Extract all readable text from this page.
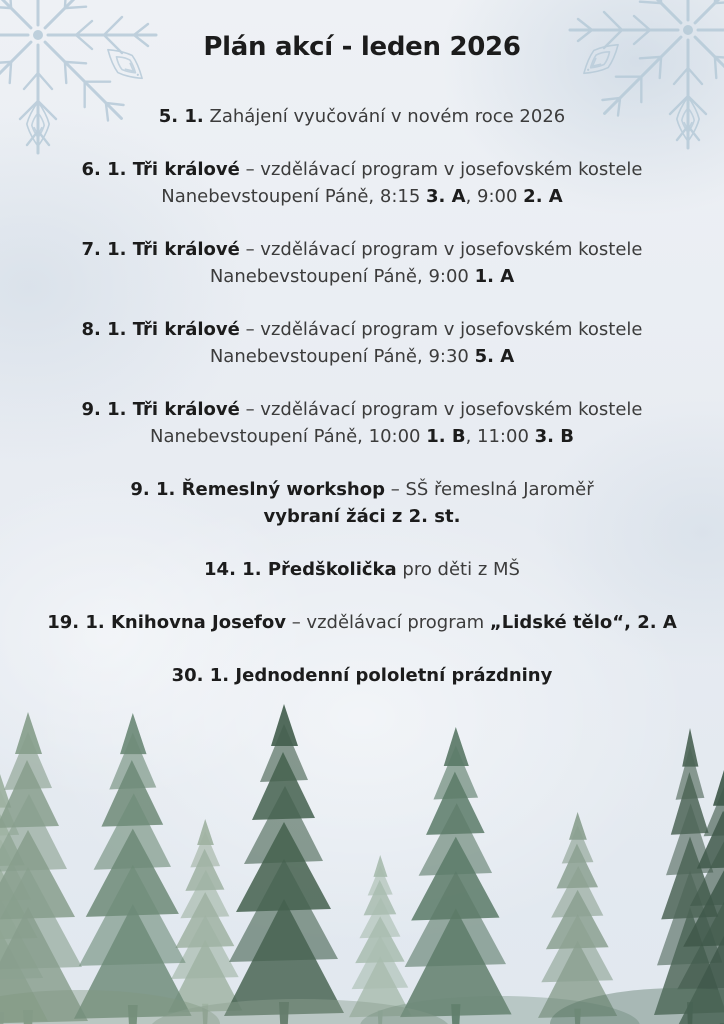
Plán akcí - leden 2026

5. 1. Zahájení vyučování v novém roce 2026

6. 1. Tři králové – vzdělávací program v josefovském kostele
Nanebevstoupení Páně, 8:15 3. A, 9:00 2. A

7. 1. Tři králové – vzdělávací program v josefovském kostele
Nanebevstoupení Páně, 9:00 1. A

8. 1. Tři králové – vzdělávací program v josefovském kostele
Nanebevstoupení Páně, 9:30 5. A

9. 1. Tři králové – vzdělávací program v josefovském kostele
Nanebevstoupení Páně, 10:00 1. B, 11:00 3. B

9. 1. Řemeslný workshop – SŠ řemeslná Jaroměř
vybraní žáci z 2. st.

14. 1. Předškolička pro děti z MŠ

19. 1. Knihovna Josefov – vzdělávací program „Lidské tělo“, 2. A

30. 1. Jednodenní pololetní prázdniny
